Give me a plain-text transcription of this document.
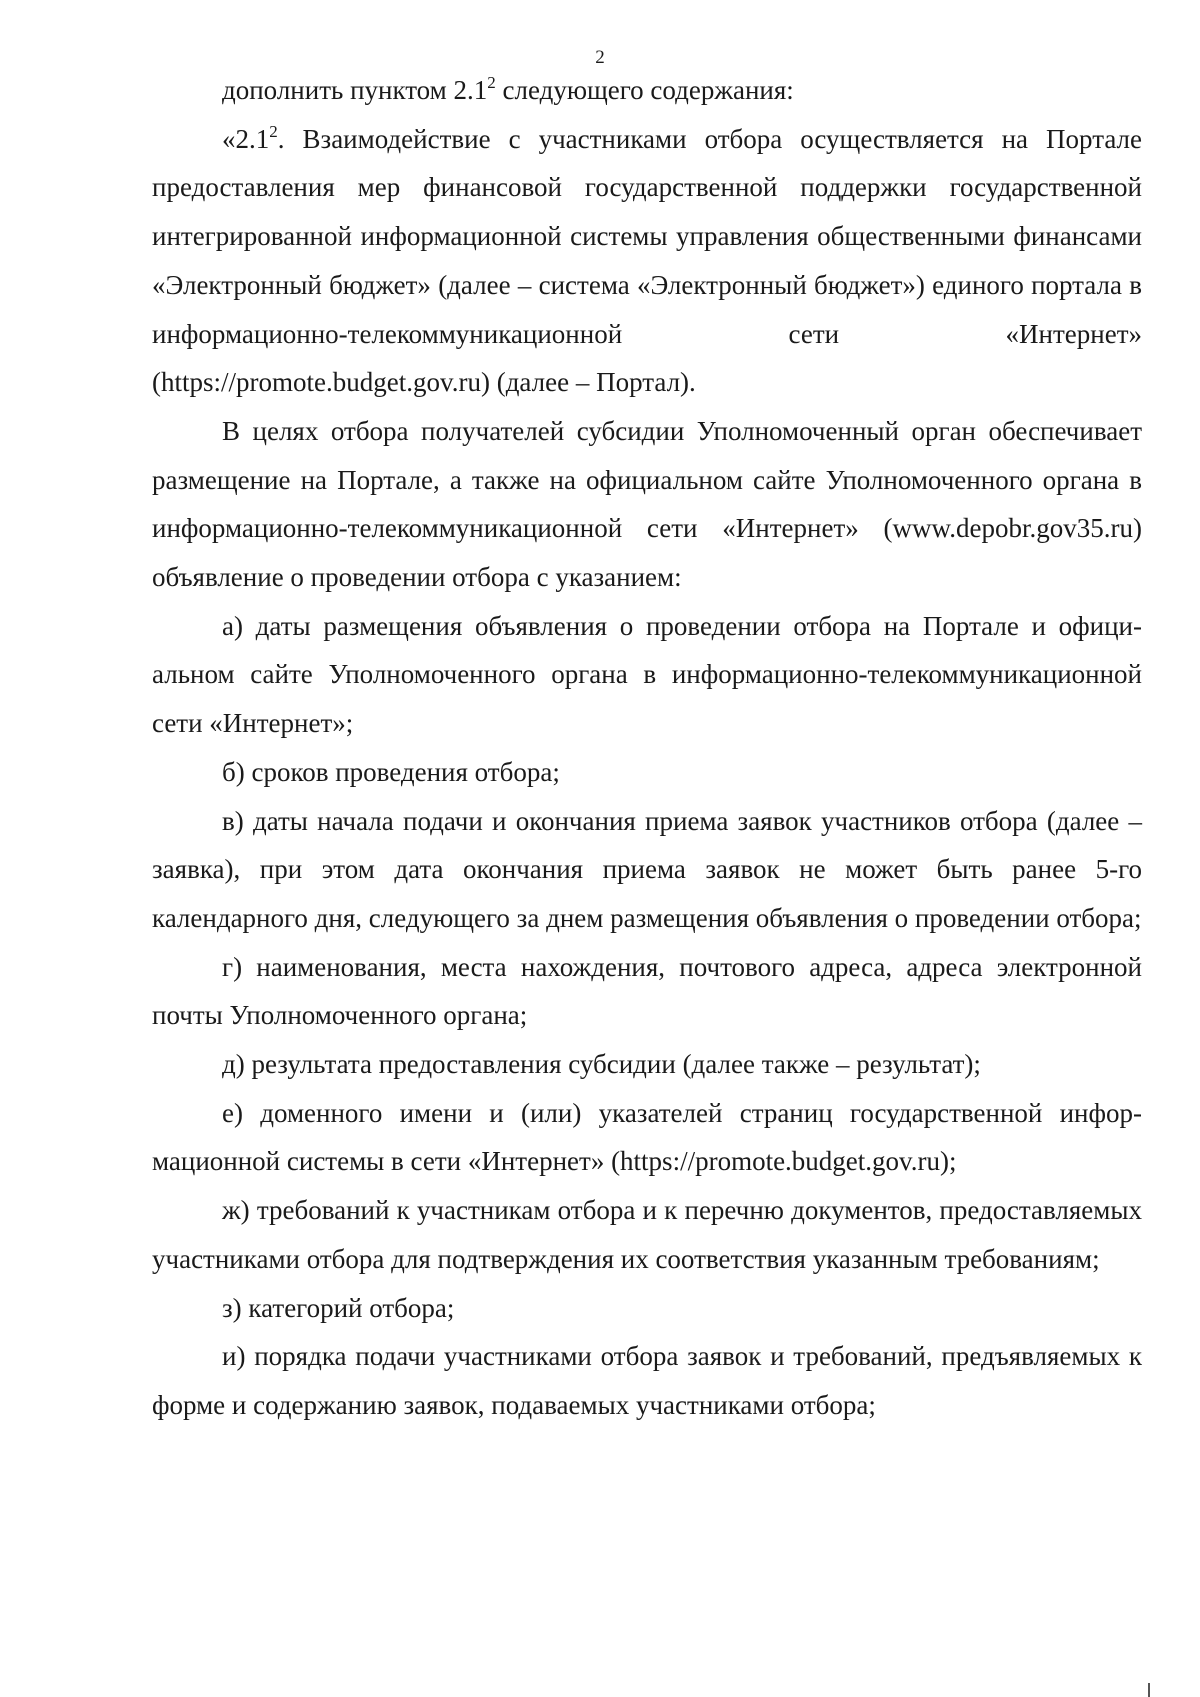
2

дополнить пунктом $2.1^2$ следующего содержания:

«$2.1^2$. Взаимодействие с участниками отбора осуществляется на Портале предоставления мер финансовой государственной поддержки государственной интегрированной информационной системы управления общественными финансами «Электронный бюджет» (далее – система «Электронный бюджет») единого портала в информационно-телекоммуникационной сети «Интернет» (https://promote.budget.gov.ru) (далее – Портал).

В целях отбора получателей субсидии Уполномоченный орган обеспечивает размещение на Портале, а также на официальном сайте Уполномоченного органа в информационно-телекоммуникационной сети «Интернет» (www.depobr.gov35.ru) объявление о проведении отбора с указанием:

а) даты размещения объявления о проведении отбора на Портале и официальном сайте Уполномоченного органа в информационно-телекоммуникационной сети «Интернет»;

б) сроков проведения отбора;

в) даты начала подачи и окончания приема заявок участников отбора (далее – заявка), при этом дата окончания приема заявок не может быть ранее 5-го календарного дня, следующего за днем размещения объявления о проведении отбора;

г) наименования, места нахождения, почтового адреса, адреса электронной почты Уполномоченного органа;

д) результата предоставления субсидии (далее также – результат);

е) доменного имени и (или) указателей страниц государственной информационной системы в сети «Интернет» (https://promote.budget.gov.ru);

ж) требований к участникам отбора и к перечню документов, предоставляемых участниками отбора для подтверждения их соответствия указанным требованиям;

з) категорий отбора;

и) порядка подачи участниками отбора заявок и требований, предъявляемых к форме и содержанию заявок, подаваемых участниками отбора;
